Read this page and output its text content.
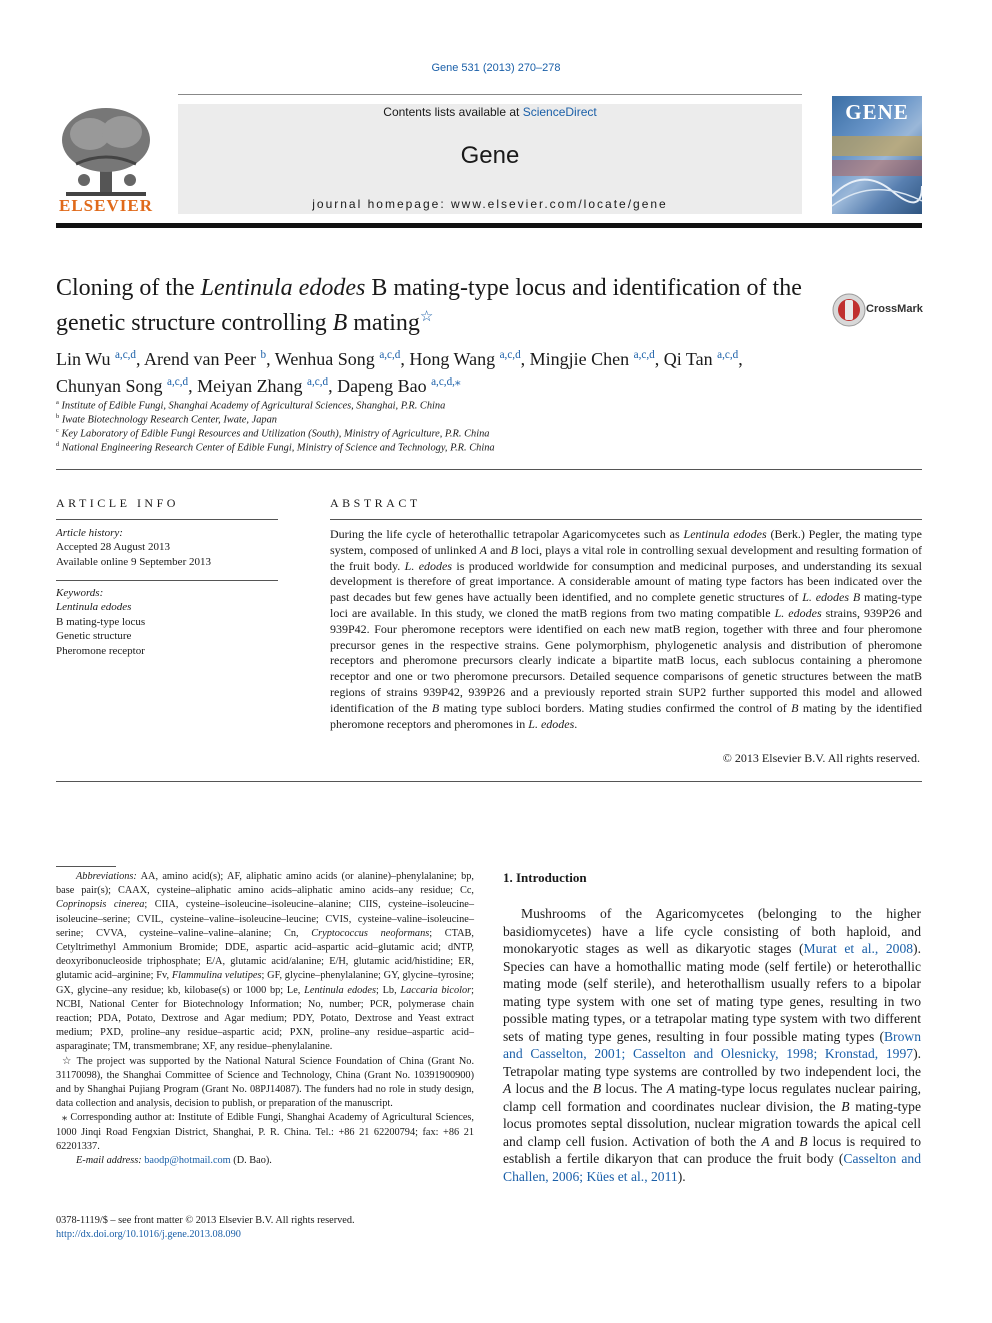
Gene 531 (2013) 270–278
ELSEVIER
Contents lists available at ScienceDirect
Gene
journal homepage: www.elsevier.com/locate/gene
GENE
Cloning of the Lentinula edodes B mating-type locus and identification of the
genetic structure controlling B mating☆	CrossMark
Lin Wu $^{a,c,d}$, Arend van Peer $^b$, Wenhua Song $^{a,c,d}$, Hong Wang $^{a,c,d}$, Mingjie Chen $^{a,c,d}$, Qi Tan $^{a,c,d}$,
Chunyan Song $^{a,c,d}$, Meiyan Zhang $^{a,c,d}$, Dapeng Bao $^{a,c,d,⁎}$
$^a$ Institute of Edible Fungi, Shanghai Academy of Agricultural Sciences, Shanghai, P.R. China
$^b$ Iwate Biotechnology Research Center, Iwate, Japan
$^c$ Key Laboratory of Edible Fungi Resources and Utilization (South), Ministry of Agriculture, P.R. China
$^d$ National Engineering Research Center of Edible Fungi, Ministry of Science and Technology, P.R. China
ARTICLE INFO
Article history:
Accepted 28 August 2013
Available online 9 September 2013
Keywords:
Lentinula edodes
B mating-type locus
Genetic structure
Pheromone receptor
ABSTRACT

During the life cycle of heterothallic tetrapolar Agaricomycetes such as Lentinula edodes (Berk.) Pegler, the mating type system, composed of unlinked A and B loci, plays a vital role in controlling sexual development and resulting formation of the fruit body. L. edodes is produced worldwide for consumption and medicinal purposes, and understanding its sexual development is therefore of great importance. A considerable amount of mating type factors has been indicated over the past decades but few genes have actually been identified, and no complete genetic structures of L. edodes B mating-type loci are available. In this study, we cloned the matB regions from two mating compatible L. edodes strains, 939P26 and 939P42. Four pheromone receptors were identified on each new matB region, together with three and four pheromone precursor genes in the respective strains. Gene polymorphism, phylogenetic analysis and distribution of pheromone receptors and pheromone precursors clearly indicate a bipartite matB locus, each sublocus containing a pheromone receptor and one or two pheromone precursors. Detailed sequence comparisons of genetic structures between the matB regions of strains 939P42, 939P26 and a previously reported strain SUP2 further supported this model and allowed identification of the B mating type subloci borders. Mating studies confirmed the control of B mating by the identified pheromone receptors and pheromones in L. edodes.

© 2013 Elsevier B.V. All rights reserved.

Abbreviations: AA, amino acid(s); AF, aliphatic amino acids (or alanine)–phenylalanine; bp, base pair(s); CAAX, cysteine–aliphatic amino acids–aliphatic amino acids–any residue; Cc, Coprinopsis cinerea; CIIA, cysteine–isoleucine–isoleucine–alanine; CIIS, cysteine–isoleucine–isoleucine–serine; CVIL, cysteine–valine–isoleucine–leucine; CVIS, cysteine–valine–isoleucine–serine; CVVA, cysteine–valine–valine–alanine; Cn, Cryptococcus neoformans; CTAB, Cetyltrimethyl Ammonium Bromide; DDE, aspartic acid–aspartic acid–glutamic acid; dNTP, deoxyribonucleoside triphosphate; E/A, glutamic acid/alanine; E/H, glutamic acid/histidine; ER, glutamic acid–arginine; Fv, Flammulina velutipes; GF, glycine–phenylalanine; GY, glycine–tyrosine; GX, glycine–any residue; kb, kilobase(s) or 1000 bp; Le, Lentinula edodes; Lb, Laccaria bicolor; NCBI, National Center for Biotechnology Information; No, number; PCR, polymerase chain reaction; PDA, Potato, Dextrose and Agar medium; PDY, Potato, Dextrose and Yeast extract medium; PXD, proline–any residue–aspartic acid; PXN, proline–any residue–aspartic acid–asparaginate; TM, transmembrane; XF, any residue–phenylalanine.

☆ The project was supported by the National Natural Science Foundation of China (Grant No. 31170098), the Shanghai Committee of Science and Technology, China (Grant No. 10391900900) and by Shanghai Pujiang Program (Grant No. 08PJ14087). The funders had no role in study design, data collection and analysis, decision to publish, or preparation of the manuscript.

⁎ Corresponding author at: Institute of Edible Fungi, Shanghai Academy of Agricultural Sciences, 1000 Jinqi Road Fengxian District, Shanghai, P. R. China. Tel.: +86 21 62200794; fax: +86 21 62201337.

E-mail address: baodp@hotmail.com (D. Bao).

0378-1119/$ – see front matter © 2013 Elsevier B.V. All rights reserved.
http://dx.doi.org/10.1016/j.gene.2013.08.090
1. Introduction

Mushrooms of the Agaricomycetes (belonging to the higher basidiomycetes) have a life cycle consisting of both haploid, and monokaryotic stages as well as dikaryotic stages (Murat et al., 2008). Species can have a homothallic mating mode (self fertile) or heterothallic mating mode (self sterile), and heterothallism usually refers to a bipolar mating type system with one set of mating type genes, resulting in two possible mating types, or a tetrapolar mating type system with two different sets of mating type genes, resulting in four possible mating types (Brown and Casselton, 2001; Casselton and Olesnicky, 1998; Kronstad, 1997). Tetrapolar mating type systems are controlled by two independent loci, the A locus and the B locus. The A mating-type locus regulates nuclear pairing, clamp cell formation and coordinates nuclear division, the B mating-type locus promotes septal dissolution, nuclear migration towards the apical cell and clamp cell fusion. Activation of both the A and B locus is required to establish a fertile dikaryon that can produce the fruit body (Casselton and Challen, 2006; Kües et al., 2011).
